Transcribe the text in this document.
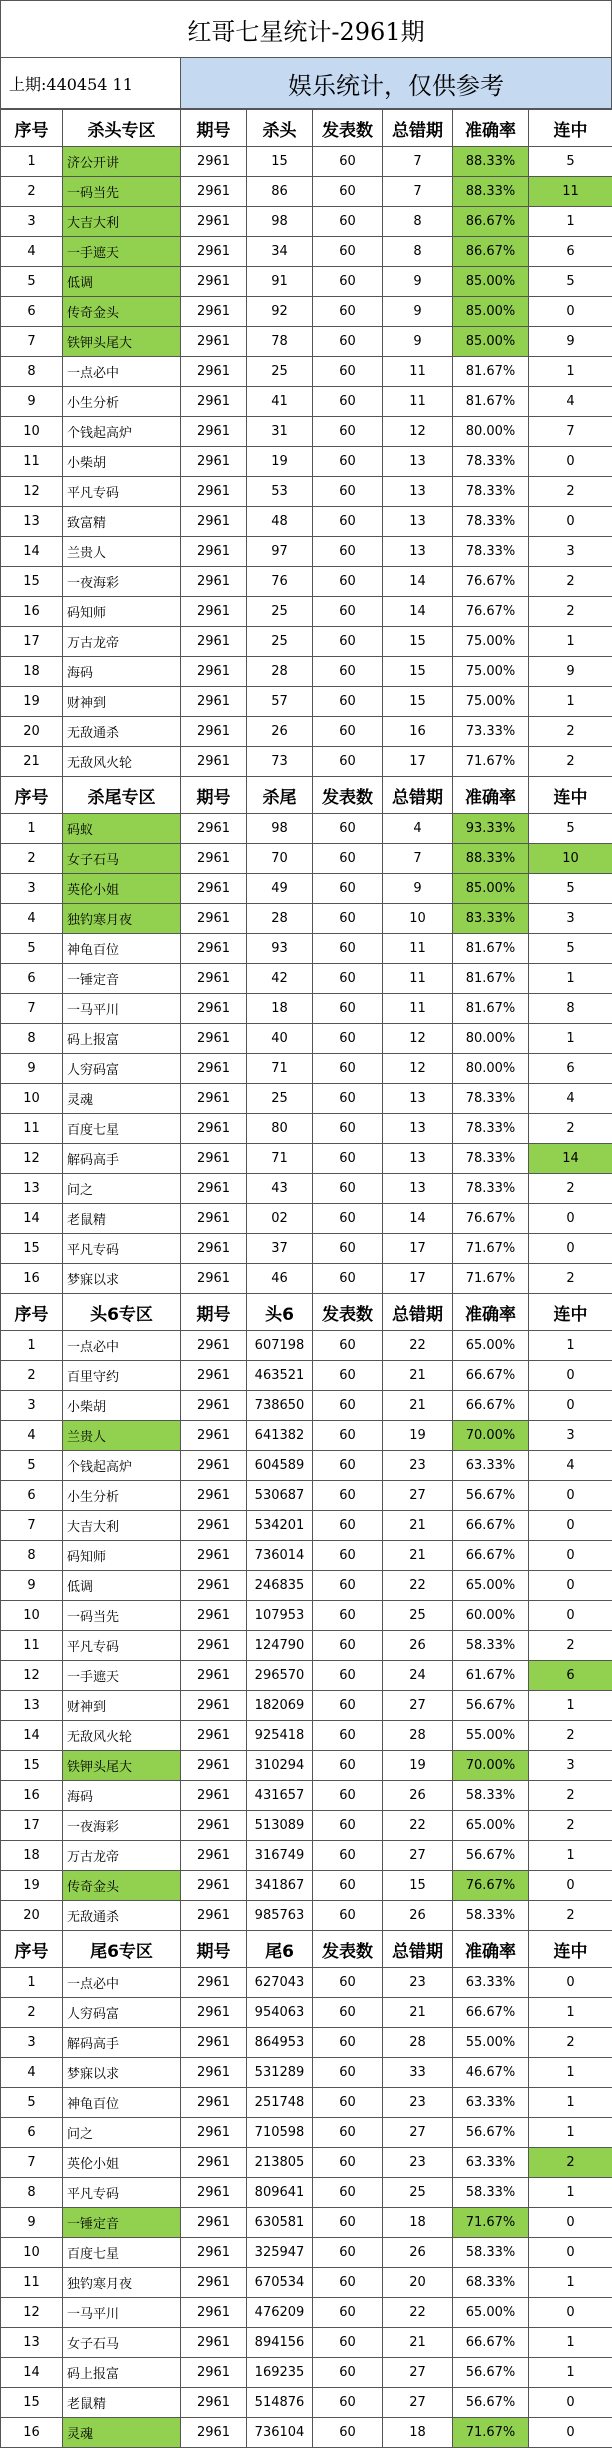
红哥七星统计-2961期
上期:440454 11	娱乐统计，仅供参考
序号	杀头专区	期号	杀头	发表数	总错期	准确率	连中
1	济公开讲	2961	15	60	7	88.33%	5
2	一码当先	2961	86	60	7	88.33%	11
3	大吉大利	2961	98	60	8	86.67%	1
4	一手遮天	2961	34	60	8	86.67%	6
5	低调	2961	91	60	9	85.00%	5
6	传奇金头	2961	92	60	9	85.00%	0
7	铁钾头尾大	2961	78	60	9	85.00%	9
8	一点必中	2961	25	60	11	81.67%	1
9	小生分析	2961	41	60	11	81.67%	4
10	个钱起高炉	2961	31	60	12	80.00%	7
11	小柴胡	2961	19	60	13	78.33%	0
12	平凡专码	2961	53	60	13	78.33%	2
13	致富精	2961	48	60	13	78.33%	0
14	兰贵人	2961	97	60	13	78.33%	3
15	一夜海彩	2961	76	60	14	76.67%	2
16	码知师	2961	25	60	14	76.67%	2
17	万古龙帝	2961	25	60	15	75.00%	1
18	海码	2961	28	60	15	75.00%	9
19	财神到	2961	57	60	15	75.00%	1
20	无敌通杀	2961	26	60	16	73.33%	2
21	无敌风火轮	2961	73	60	17	71.67%	2
序号	杀尾专区	期号	杀尾	发表数	总错期	准确率	连中
1	码蚁	2961	98	60	4	93.33%	5
2	女子石马	2961	70	60	7	88.33%	10
3	英伦小姐	2961	49	60	9	85.00%	5
4	独钓寒月夜	2961	28	60	10	83.33%	3
5	神龟百位	2961	93	60	11	81.67%	5
6	一锤定音	2961	42	60	11	81.67%	1
7	一马平川	2961	18	60	11	81.67%	8
8	码上报富	2961	40	60	12	80.00%	1
9	人穷码富	2961	71	60	12	80.00%	6
10	灵魂	2961	25	60	13	78.33%	4
11	百度七星	2961	80	60	13	78.33%	2
12	解码高手	2961	71	60	13	78.33%	14
13	问之	2961	43	60	13	78.33%	2
14	老鼠精	2961	02	60	14	76.67%	0
15	平凡专码	2961	37	60	17	71.67%	0
16	梦寐以求	2961	46	60	17	71.67%	2
序号	头6专区	期号	头6	发表数	总错期	准确率	连中
1	一点必中	2961	607198	60	22	65.00%	1
2	百里守约	2961	463521	60	21	66.67%	0
3	小柴胡	2961	738650	60	21	66.67%	0
4	兰贵人	2961	641382	60	19	70.00%	3
5	个钱起高炉	2961	604589	60	23	63.33%	4
6	小生分析	2961	530687	60	27	56.67%	0
7	大吉大利	2961	534201	60	21	66.67%	0
8	码知师	2961	736014	60	21	66.67%	0
9	低调	2961	246835	60	22	65.00%	0
10	一码当先	2961	107953	60	25	60.00%	0
11	平凡专码	2961	124790	60	26	58.33%	2
12	一手遮天	2961	296570	60	24	61.67%	6
13	财神到	2961	182069	60	27	56.67%	1
14	无敌风火轮	2961	925418	60	28	55.00%	2
15	铁钾头尾大	2961	310294	60	19	70.00%	3
16	海码	2961	431657	60	26	58.33%	2
17	一夜海彩	2961	513089	60	22	65.00%	2
18	万古龙帝	2961	316749	60	27	56.67%	1
19	传奇金头	2961	341867	60	15	76.67%	0
20	无敌通杀	2961	985763	60	26	58.33%	2
序号	尾6专区	期号	尾6	发表数	总错期	准确率	连中
1	一点必中	2961	627043	60	23	63.33%	0
2	人穷码富	2961	954063	60	21	66.67%	1
3	解码高手	2961	864953	60	28	55.00%	2
4	梦寐以求	2961	531289	60	33	46.67%	1
5	神龟百位	2961	251748	60	23	63.33%	1
6	问之	2961	710598	60	27	56.67%	1
7	英伦小姐	2961	213805	60	23	63.33%	2
8	平凡专码	2961	809641	60	25	58.33%	1
9	一锤定音	2961	630581	60	18	71.67%	0
10	百度七星	2961	325947	60	26	58.33%	0
11	独钓寒月夜	2961	670534	60	20	68.33%	1
12	一马平川	2961	476209	60	22	65.00%	0
13	女子石马	2961	894156	60	21	66.67%	1
14	码上报富	2961	169235	60	27	56.67%	1
15	老鼠精	2961	514876	60	27	56.67%	0
16	灵魂	2961	736104	60	18	71.67%	0
